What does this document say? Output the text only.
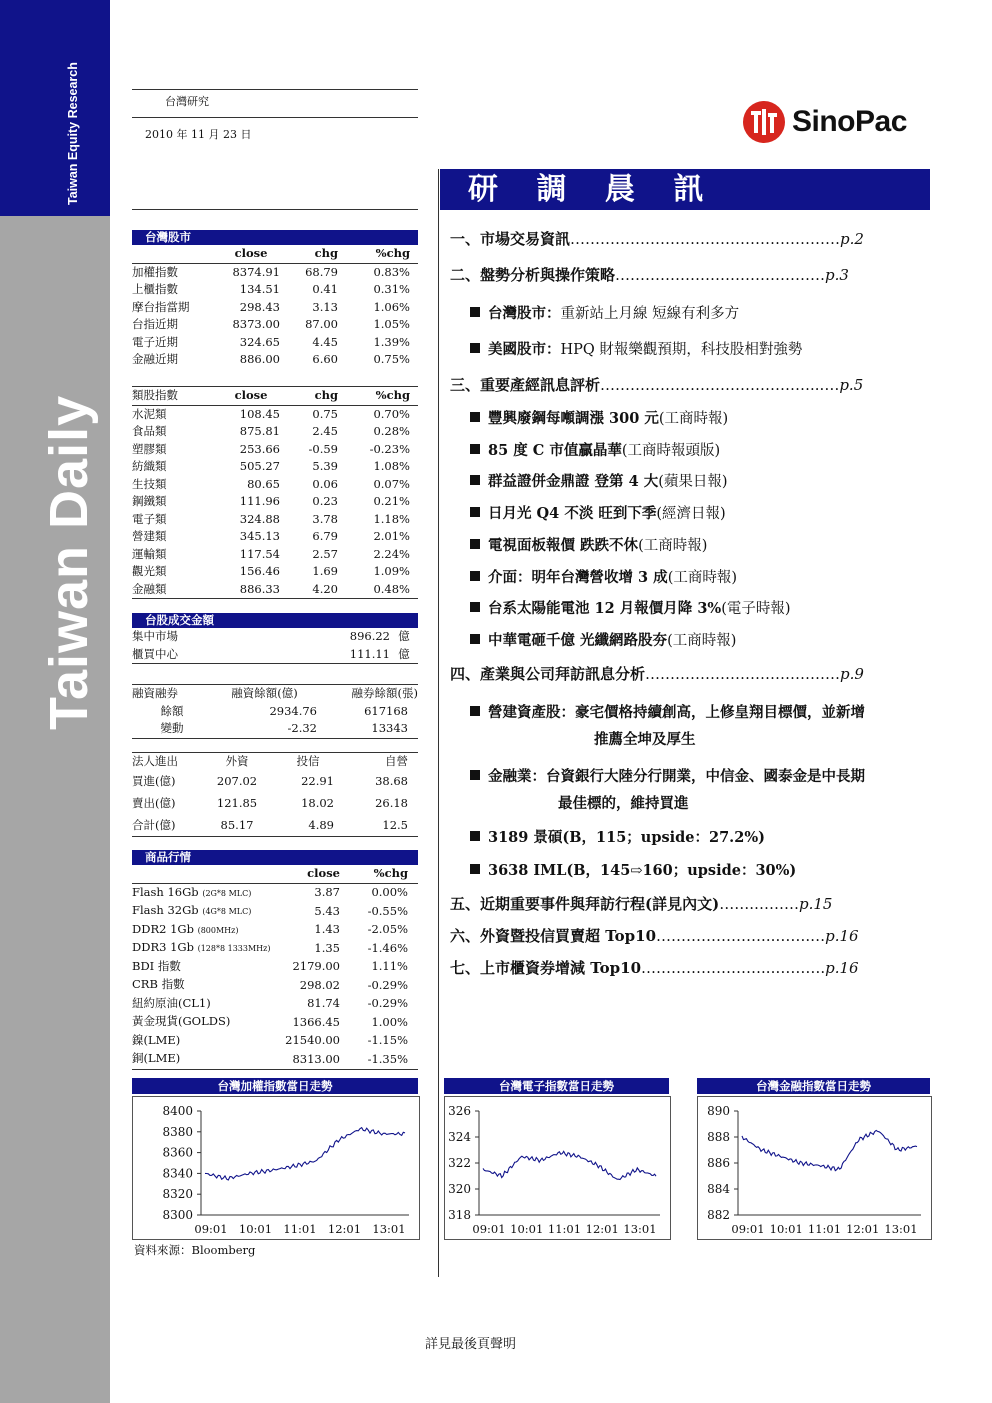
Taiwan Equity Research
Taiwan Daily
台灣研究
2010 年 11 月 23 日	SinoPac
研 調 晨 訊
台灣股市
	close	chg	%chg
加權指數	8374.91	68.79	0.83%
上櫃指數	134.51	0.41	0.31%
摩台指當期	298.43	3.13	1.06%
台指近期	8373.00	87.00	1.05%
電子近期	324.65	4.45	1.39%
金融近期	886.00	6.60	0.75%
類股指數	close	chg	%chg
水泥類	108.45	0.75	0.70%
食品類	875.81	2.45	0.28%
塑膠類	253.66	-0.59	-0.23%
紡織類	505.27	5.39	1.08%
生技類	80.65	0.06	0.07%
鋼鐵類	111.96	0.23	0.21%
電子類	324.88	3.78	1.18%
營建類	345.13	6.79	2.01%
運輸類	117.54	2.57	2.24%
觀光類	156.46	1.69	1.09%
金融類	886.33	4.20	0.48%
台股成交金額
集中市場	896.22	億
櫃買中心	111.11	億
融資融券	融資餘額(億)	融券餘額(張)
餘額	2934.76	617168
變動	-2.32	13343
法人進出	外資	投信	自營
買進(億)	207.02	22.91	38.68
賣出(億)	121.85	18.02	26.18
合計(億)	85.17	4.89	12.5
商品行情
	close	%chg
Flash 16Gb (2G*8 MLC)	3.87	0.00%
Flash 32Gb (4G*8 MLC)	5.43	-0.55%
DDR2 1Gb (800MHz)	1.43	-2.05%
DDR3 1Gb (128*8 1333MHz)	1.35	-1.46%
BDI 指數	2179.00	1.11%
CRB 指數	298.02	-0.29%
紐約原油(CL1)	81.74	-0.29%
黃金現貨(GOLDS)	1366.45	1.00%
鎳(LME)	21540.00	-1.15%
銅(LME)	8313.00	-1.35%
一、市場交易資訊………………………………………………p.2
二、盤勢分析與操作策略……………………………………p.3
台灣股市：重新站上月線 短線有利多方
美國股市：HPQ 財報樂觀預期，科技股相對強勢
三、重要產經訊息評析……………………………………...…p.5
豐興廢鋼每噸調漲 300 元(工商時報)
85 度 C 市值贏晶華(工商時報頭版)
群益證併金鼎證 登第 4 大(蘋果日報)
日月光 Q4 不淡 旺到下季(經濟日報)
電視面板報價 跌跌不休(工商時報)
介面：明年台灣營收增 3 成(工商時報)
台系太陽能電池 12 月報價月降 3%(電子時報)
中華電砸千億 光纖網路股夯(工商時報)
四、產業與公司拜訪訊息分析…………………………………p.9
營建資產股：豪宅價格持續創高，上修皇翔目標價，並新增
推薦全坤及厚生
金融業：台資銀行大陸分行開業，中信金、國泰金是中長期
最佳標的，維持買進
3189 景碩(B，115；upside：27.2%)
3638 IML(B，145⇨160；upside：30%)
五、近期重要事件與拜訪行程(詳見內文)…….………p.15
六、外資暨投信買賣超 Top10…………………...…….…p.16
七、上市櫃資券增減 Top10……………………...……….p.16
台灣加權指數當日走勢
8400
8380
8360
8340
8320
8300
09:01 10:01 11:01 12:01 13:01
台灣電子指數當日走勢
326
324
322
320
318
09:01 10:01 11:01 12:01 13:01
台灣金融指數當日走勢
890
888
886
884
882
09:01 10:01 11:01 12:01 13:01
資料來源：Bloomberg
詳見最後頁聲明
